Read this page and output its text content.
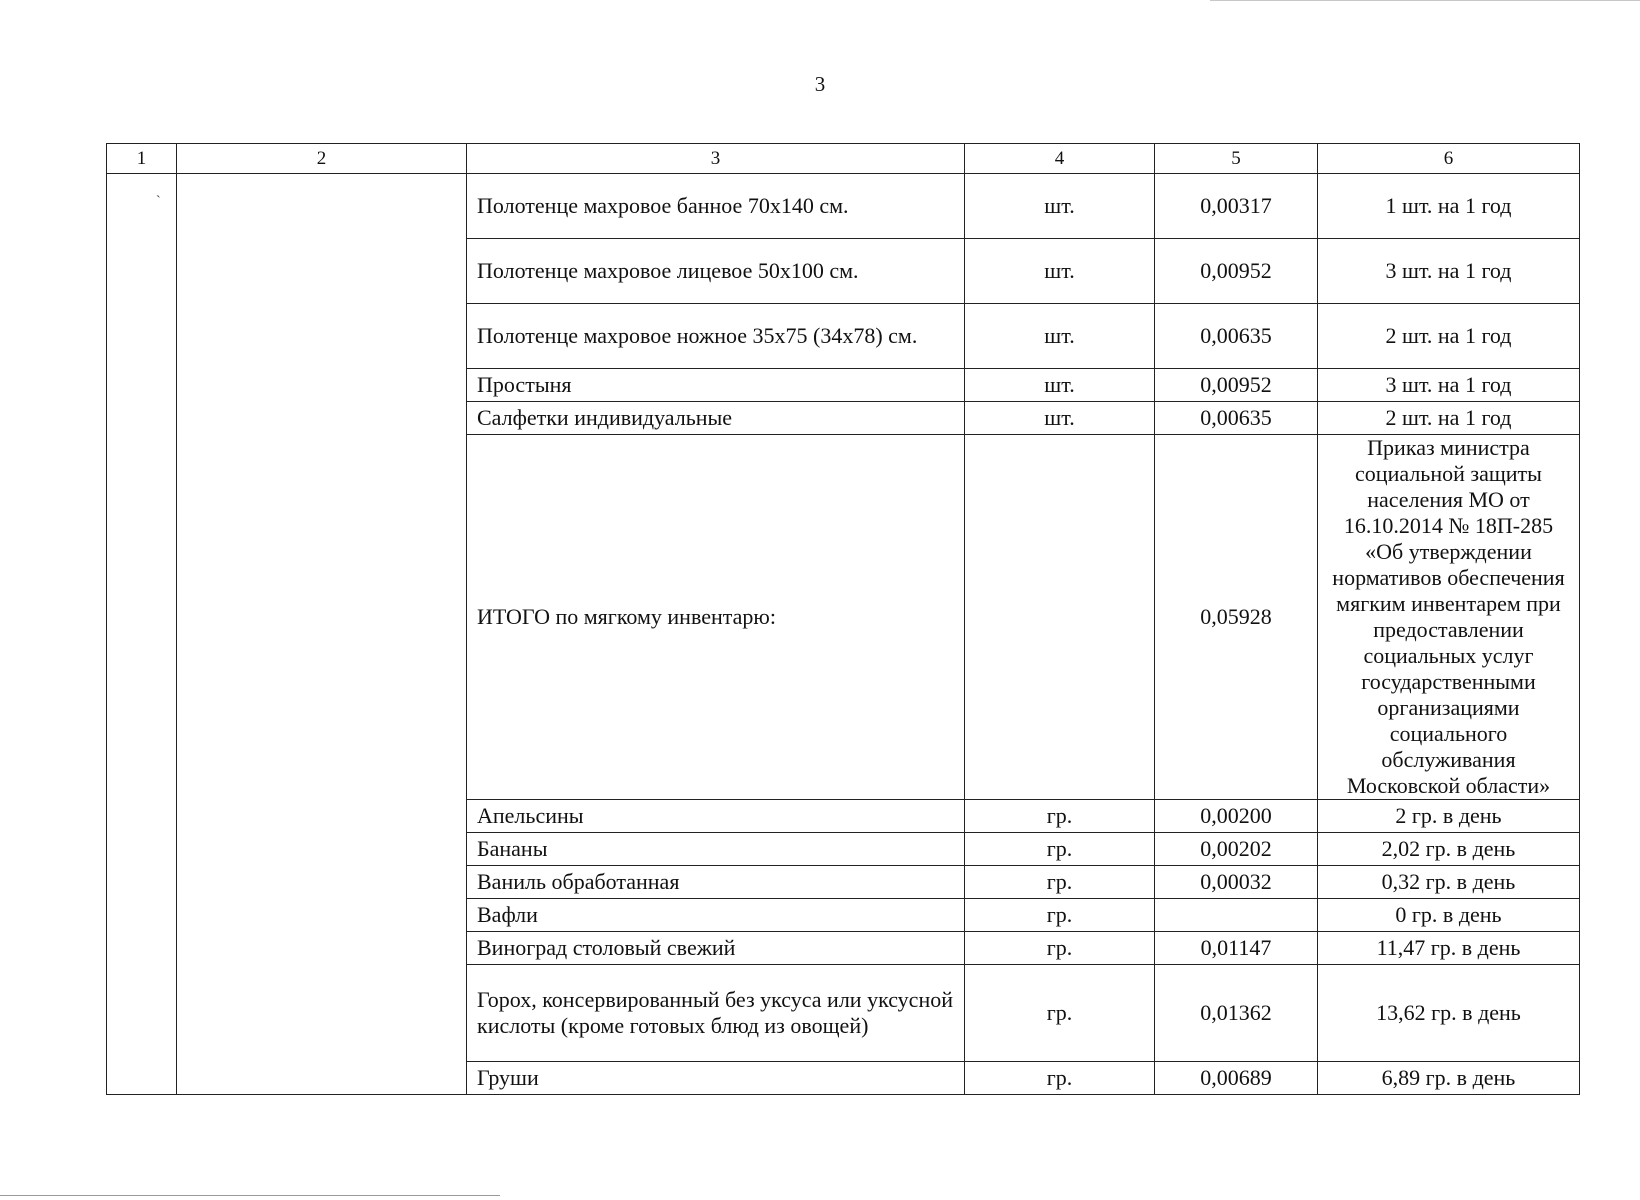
3
1	2	3	4	5	6
		Полотенце махровое банное 70х140 см.	шт.	0,00317	1 шт. на 1 год
		Полотенце махровое лицевое 50х100 см.	шт.	0,00952	3 шт. на 1 год
		Полотенце махровое ножное 35х75 (34х78) см.	шт.	0,00635	2 шт. на 1 год
		Простыня	шт.	0,00952	3 шт. на 1 год
		Салфетки индивидуальные	шт.	0,00635	2 шт. на 1 год
		ИТОГО по мягкому инвентарю:		0,05928	Приказ министра социальной защиты населения МО от 16.10.2014 № 18П-285 «Об утверждении нормативов обеспечения мягким инвентарем при предоставлении социальных услуг государственными организациями социального обслуживания Московской области»
		Апельсины	гр.	0,00200	2 гр. в день
		Бананы	гр.	0,00202	2,02 гр. в день
		Ваниль обработанная	гр.	0,00032	0,32 гр. в день
		Вафли	гр.		0 гр. в день
		Виноград столовый свежий	гр.	0,01147	11,47 гр. в день
		Горох, консервированный без уксуса или уксусной кислоты (кроме готовых блюд из овощей)	гр.	0,01362	13,62 гр. в день
		Груши	гр.	0,00689	6,89 гр. в день
ˋ
